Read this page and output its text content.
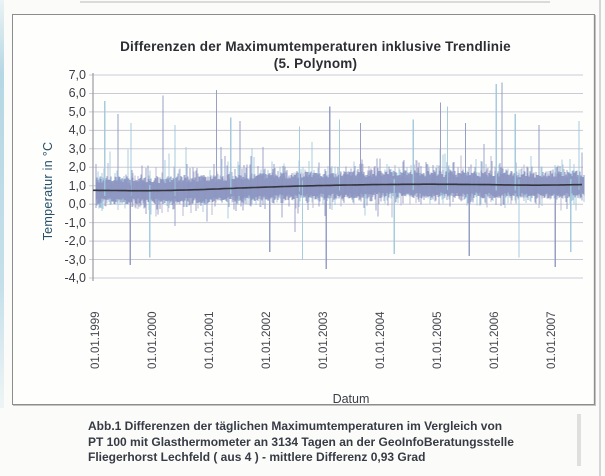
Differenzen der Maximumtemperaturen inklusive Trendlinie
(5. Polynom)
Temperatur in °C
Datum
7,0
6,0
5,0
4,0
3,0
2,0
1,0
0,0
-1,0
-2,0
-3,0
-4,0
01.01.1999	01.01.2000	01.01.2001	01.01.2002	01.01.2003	01.01.2004	01.01.2005	01.01.2006	01.01.2007
Abb.1 Differenzen der täglichen Maximumtemperaturen im Vergleich von
PT 100 mit Glasthermometer an 3134 Tagen an der GeoInfoBeratungsstelle
Fliegerhorst Lechfeld ( aus 4 ) - mittlere Differenz 0,93 Grad
